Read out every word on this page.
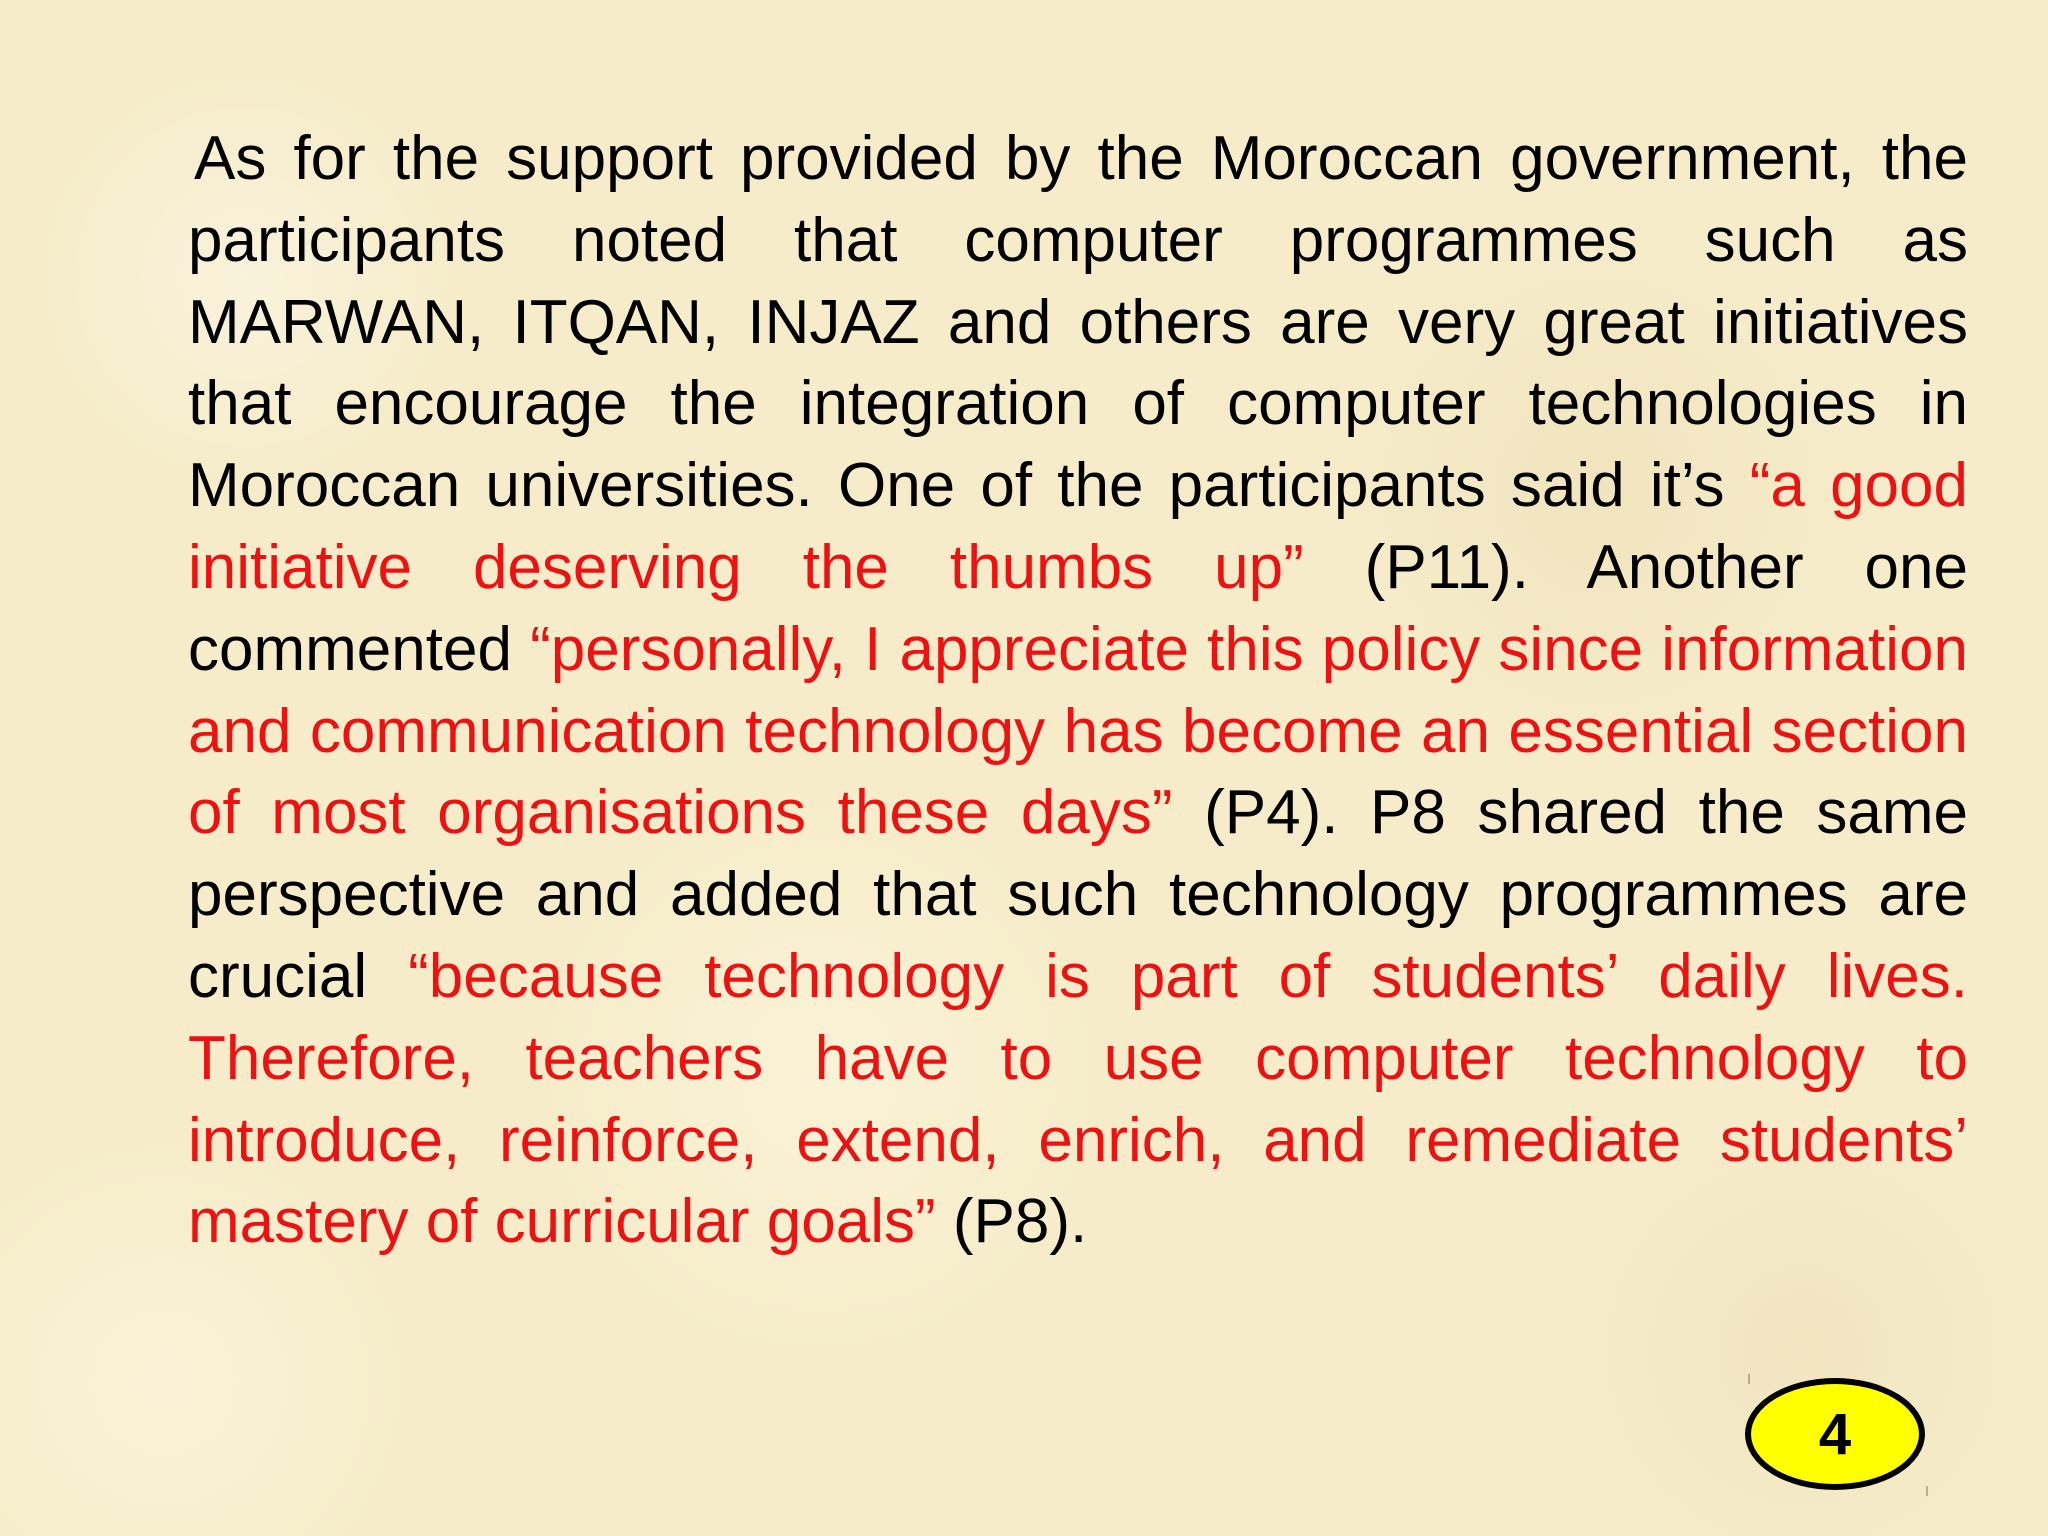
As for the support provided by the Moroccan government, the participants noted that computer programmes such as MARWAN, ITQAN, INJAZ and others are very great initiatives that encourage the integration of computer technologies in Moroccan universities. One of the participants said it’s “a good initiative deserving the thumbs up” (P11). Another one commented “personally, I appreciate this policy since information and communication technology has become an essential section of most organisations these days” (P4). P8 shared the same perspective and added that such technology programmes are crucial “because technology is part of students’ daily lives. Therefore, teachers have to use computer technology to introduce, reinforce, extend, enrich, and remediate students’ mastery of curricular goals” (P8).

4
